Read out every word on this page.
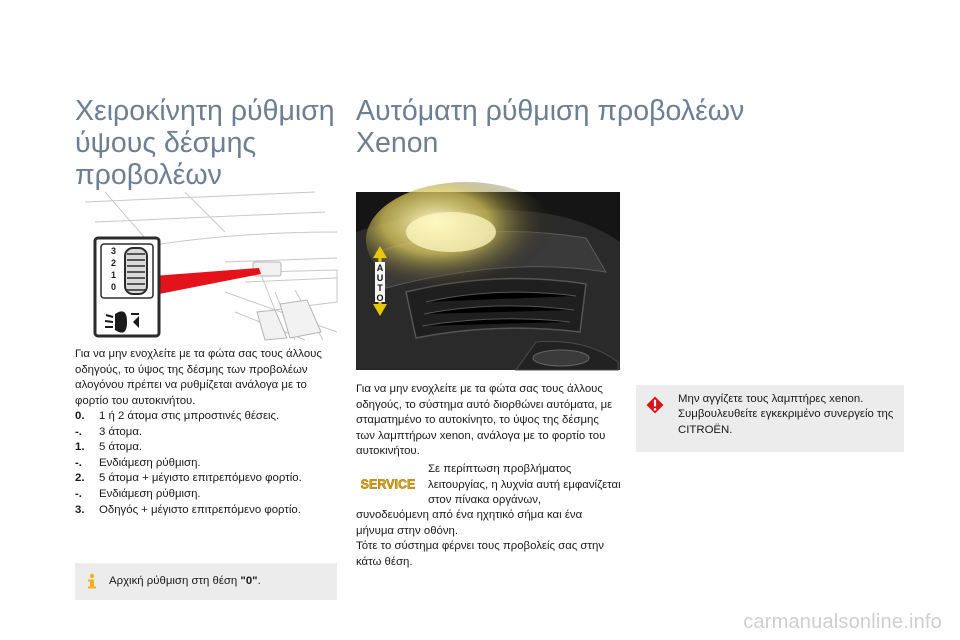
Χειροκίνητη ρύθμιση ύψους δέσμης προβολέων
Αυτόματη ρύθμιση προβολέων Xenon
3
2
1
0
A
U
T
O
Για να μην ενοχλείτε με τα φώτα σας τους άλλους οδηγούς, το ύψος της δέσμης των προβολέων αλογόνου πρέπει να ρυθμίζεται ανάλογα με το φορτίο του αυτοκινήτου.
0.	1 ή 2 άτομα στις μπροστινές θέσεις.
-.	3 άτομα.
1.	5 άτομα.
-.	Ενδιάμεση ρύθμιση.
2.	5 άτομα + μέγιστο επιτρεπόμενο φορτίο.
-.	Ενδιάμεση ρύθμιση.
3.	Οδηγός + μέγιστο επιτρεπόμενο φορτίο.
Αρχική ρύθμιση στη θέση "0".
Για να μην ενοχλείτε με τα φώτα σας τους άλλους οδηγούς, το σύστημα αυτό διορθώνει αυτόματα, με σταματημένο το αυτοκίνητο, το ύψος της δέσμης των λαμπτήρων xenon, ανάλογα με το φορτίο του αυτοκινήτου.
SERVICE
Σε περίπτωση προβλήματος λειτουργίας, η λυχνία αυτή εμφανίζεται στον πίνακα οργάνων,
συνοδευόμενη από ένα ηχητικό σήμα και ένα μήνυμα στην οθόνη.
Τότε το σύστημα φέρνει τους προβολείς σας στην κάτω θέση.
Μην αγγίζετε τους λαμπτήρες xenon. Συμβουλευθείτε εγκεκριμένο συνεργείο της CITROËN.
carmanualsonline.info
